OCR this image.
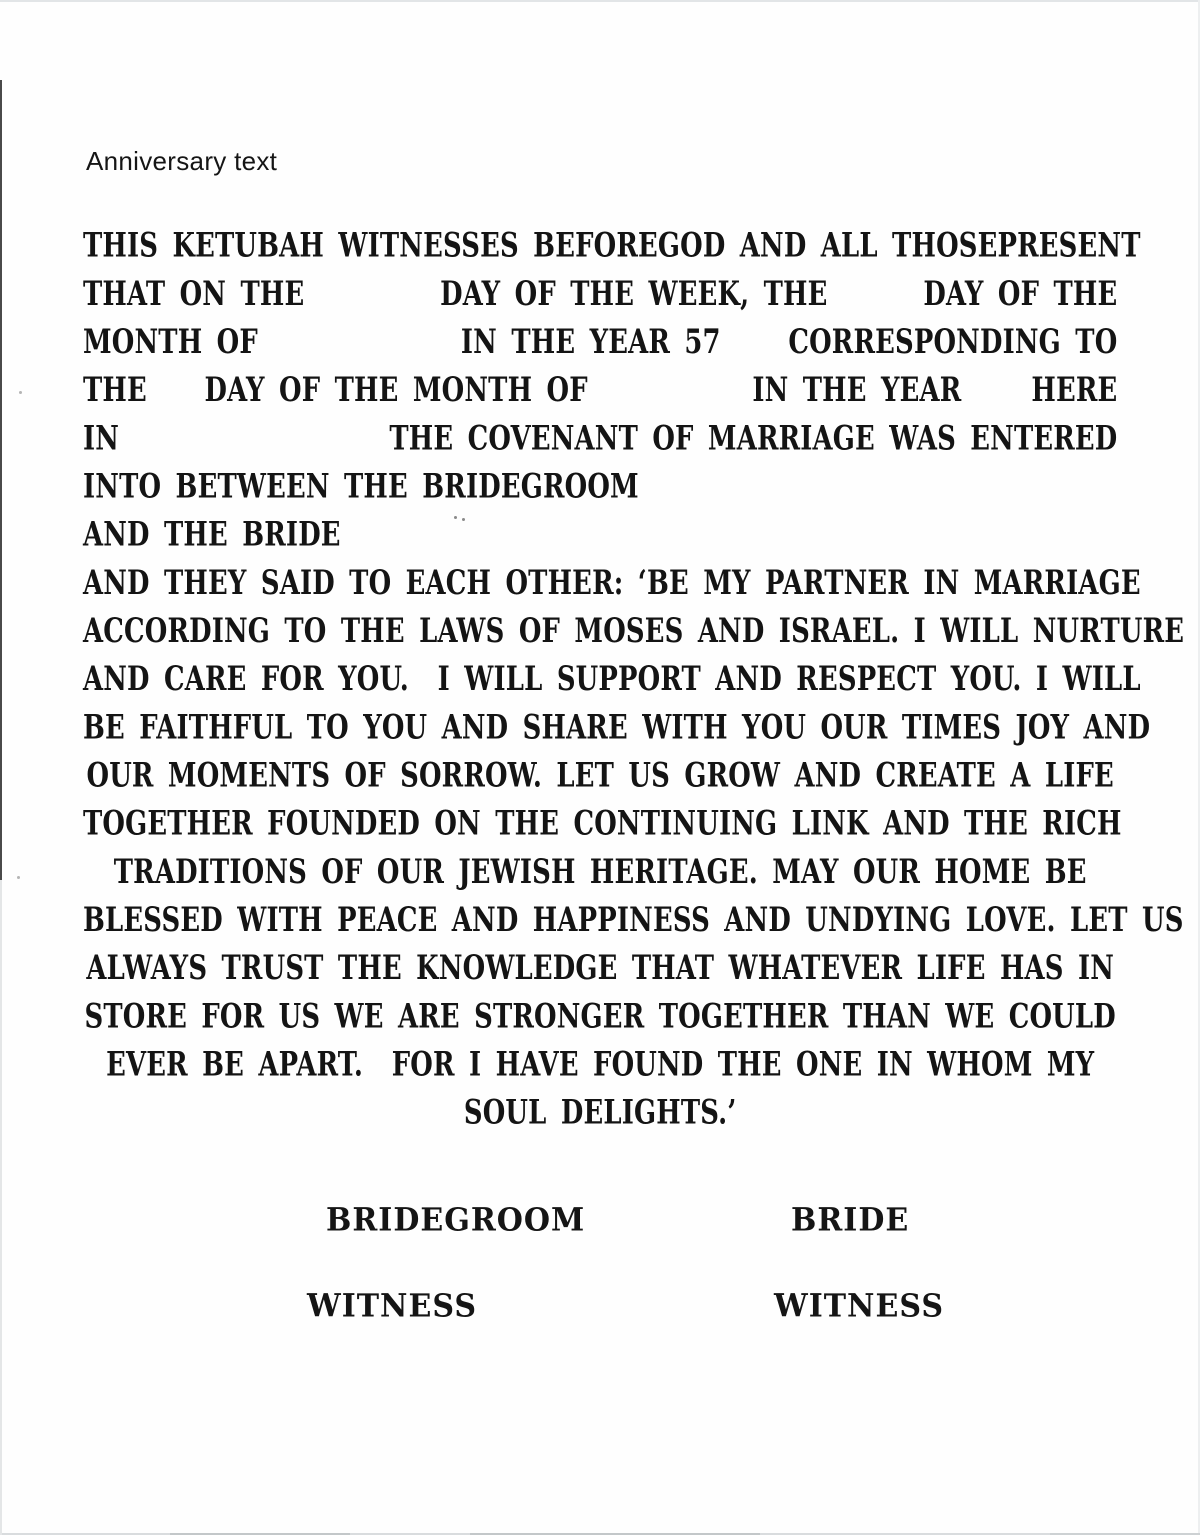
Anniversary text
THIS KETUBAH WITNESSES BEFORE GOD AND ALL THOSE PRESENT
THAT ON THE	DAY OF THE WEEK, THE	DAY OF THE
MONTH OF	IN THE YEAR 57 CORRESPONDING TO
THE DAY OF THE MONTH OF	IN THE YEAR HERE
IN	THE COVENANT OF MARRIAGE WAS ENTERED
INTO BETWEEN THE BRIDEGROOM
AND THE BRIDE
AND THEY SAID TO EACH OTHER: ‘BE MY PARTNER IN MARRIAGE
ACCORDING TO THE LAWS OF MOSES AND ISRAEL. I WILL NURTURE
AND CARE FOR YOU.  I WILL SUPPORT AND RESPECT YOU. I WILL
BE FAITHFUL TO YOU AND SHARE WITH YOU OUR TIMES JOY AND
OUR MOMENTS OF SORROW. LET US GROW AND CREATE A LIFE
TOGETHER FOUNDED ON THE CONTINUING LINK AND THE RICH
TRADITIONS OF OUR JEWISH HERITAGE. MAY OUR HOME BE
BLESSED WITH PEACE AND HAPPINESS AND UNDYING LOVE. LET US
ALWAYS TRUST THE KNOWLEDGE THAT WHATEVER LIFE HAS IN
STORE FOR US WE ARE STRONGER TOGETHER THAN WE COULD
EVER BE APART.  FOR I HAVE FOUND THE ONE IN WHOM MY
SOUL DELIGHTS.’
BRIDEGROOM	BRIDE
WITNESS	WITNESS
